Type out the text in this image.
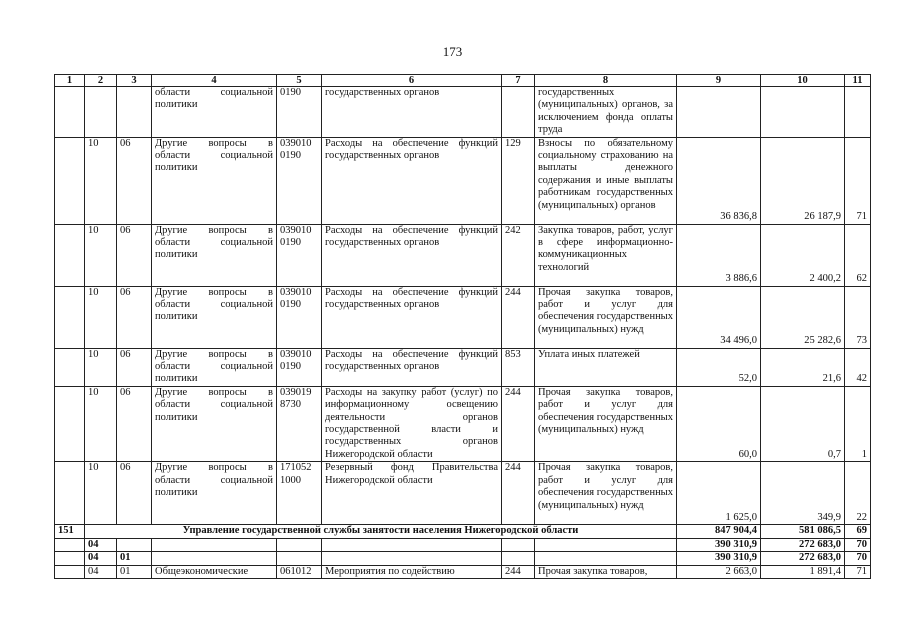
173
1	2	3	4	5	6	7	8	9	10	11
			области социальной политики	0190	государственных органов		государственных (муниципальных) органов, за исключением фонда оплаты труда			
	10	06	Другие вопросы в области социальной политики	039010 0190	Расходы на обеспечение функций государственных органов	129	Взносы по обязательному социальному страхованию на выплаты денежного содержания и иные выплаты работникам государственных (муниципальных) органов	36 836,8	26 187,9	71
	10	06	Другие вопросы в области социальной политики	039010 0190	Расходы на обеспечение функций государственных органов	242	Закупка товаров, работ, услуг в сфере информационно-коммуникационных технологий	3 886,6	2 400,2	62
	10	06	Другие вопросы в области социальной политики	039010 0190	Расходы на обеспечение функций государственных органов	244	Прочая закупка товаров, работ и услуг для обеспечения государственных (муниципальных) нужд	34 496,0	25 282,6	73
	10	06	Другие вопросы в области социальной политики	039010 0190	Расходы на обеспечение функций государственных органов	853	Уплата иных платежей	52,0	21,6	42
	10	06	Другие вопросы в области социальной политики	039019 8730	Расходы на закупку работ (услуг) по информационному освещению деятельности органов государственной власти и государственных органов Нижегородской области	244	Прочая закупка товаров, работ и услуг для обеспечения государственных (муниципальных) нужд	60,0	0,7	1
	10	06	Другие вопросы в области социальной политики	171052 1000	Резервный фонд Правительства Нижегородской области	244	Прочая закупка товаров, работ и услуг для обеспечения государственных (муниципальных) нужд	1 625,0	349,9	22
151	Управление государственной службы занятости населения Нижегородской области							847 904,4	581 086,5	69
	04							390 310,9	272 683,0	70
	04	01						390 310,9	272 683,0	70
	04	01	Общеэкономические	061012	Мероприятия по содействию	244	Прочая закупка товаров,	2 663,0	1 891,4	71
